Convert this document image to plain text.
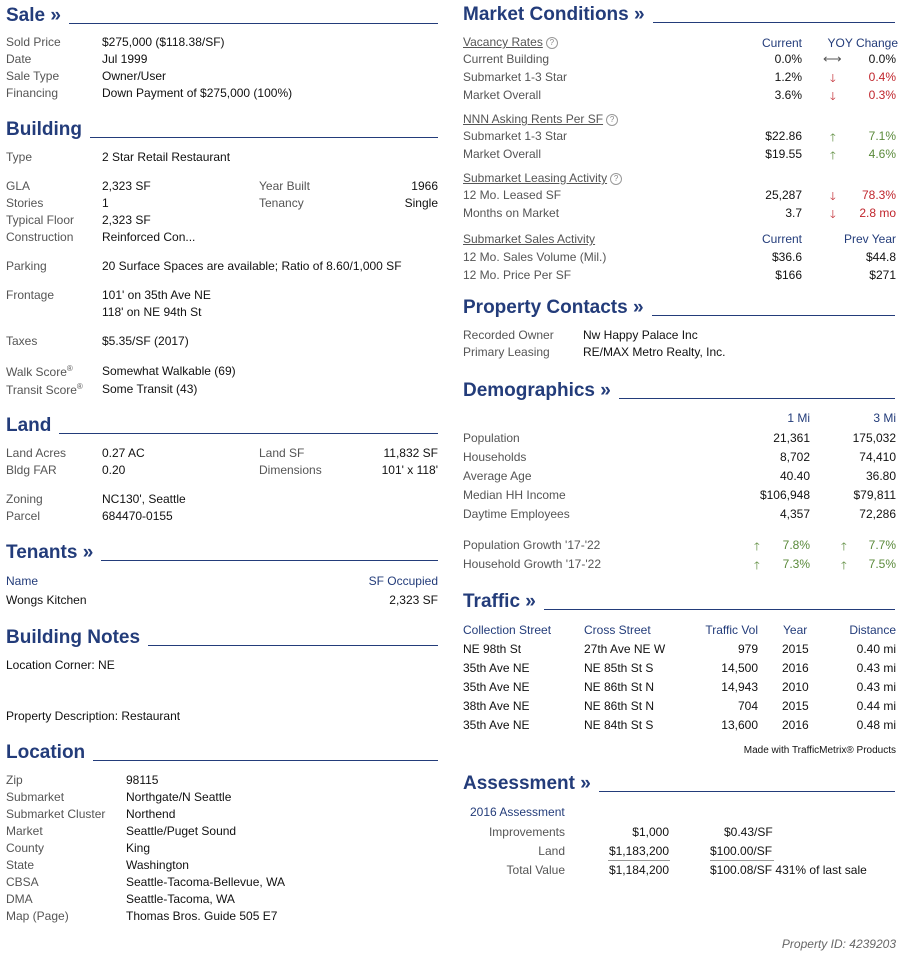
Sale »
Sold Price	$275,000 ($118.38/SF)
Date	Jul 1999
Sale Type	Owner/User
Financing	Down Payment of $275,000 (100%)
Building
Type	2 Star Retail Restaurant
GLA	2,323 SF
Stories	1
Typical Floor 2,323 SF
Construction Reinforced Con...
Year Built	1966
Tenancy	Single
Parking	20 Surface Spaces are available; Ratio of 8.60/1,000 SF
Frontage	101' on 35th Ave NE
118' on NE 94th St
Taxes	$5.35/SF (2017)
Walk Score® Somewhat Walkable (69)
Transit Score® Some Transit (43)
Land
Land Acres	0.27 AC
Bldg FAR	0.20
Land SF	11,832 SF
Dimensions	101' x 118'
Zoning	NC130', Seattle
Parcel	684470-0155
Tenants »
Name	SF Occupied
Wongs Kitchen	2,323 SF
Building Notes
Location Corner: NE
Property Description: Restaurant
Location
Zip	98115
Submarket	Northgate/N Seattle
Submarket Cluster Northend
Market	Seattle/Puget Sound
County	King
State	Washington
CBSA	Seattle-Tacoma-Bellevue, WA
DMA	Seattle-Tacoma, WA
Map (Page)	Thomas Bros. Guide 505 E7
Market Conditions »
Current	YOY Change
Vacancy Rates ?
Current Building	0.0% ⟷	0.0%
Submarket 1-3 Star	1.2%	🡓	0.4%
Market Overall	3.6%	🡓	0.3%
NNN Asking Rents Per SF ?
Submarket 1-3 Star	$22.86	🡑	7.1%
Market Overall	$19.55	🡑	4.6%
Submarket Leasing Activity ?
12 Mo. Leased SF	25,287	🡓	78.3%
Months on Market	3.7	🡓	2.8 mo
Submarket Sales Activity	Current	Prev Year
12 Mo. Sales Volume (Mil.)	$36.6	$44.8
12 Mo. Price Per SF	$166	$271
Property Contacts »
Recorded Owner Nw Happy Palace Inc
Primary Leasing	RE/MAX Metro Realty, Inc.
Demographics »
1 Mi	3 Mi
Population	21,361	175,032
Households	8,702	74,410
Average Age	40.40	36.80
Median HH Income	$106,948	$79,811
Daytime Employees	4,357	72,286
Population Growth '17-'22	🡑	7.8%	🡑	7.7%
Household Growth '17-'22	🡑	7.3%	🡑	7.5%
Traffic »
Collection Street	Cross Street	Traffic Vol Year	Distance
NE 98th St	27th Ave NE W	979 2015	0.40 mi
35th Ave NE	NE 85th St S	14,500 2016	0.43 mi
35th Ave NE	NE 86th St N	14,943 2010	0.43 mi
38th Ave NE	NE 86th St N	704 2015	0.44 mi
35th Ave NE	NE 84th St S	13,600 2016	0.48 mi
Made with TrafficMetrix® Products
Assessment »
2016 Assessment
Improvements	$1,000	$0.43/SF
Land	$1,183,200	$100.00/SF
Total Value	$1,184,200	$100.08/SF 431% of last sale
Property ID: 4239203
